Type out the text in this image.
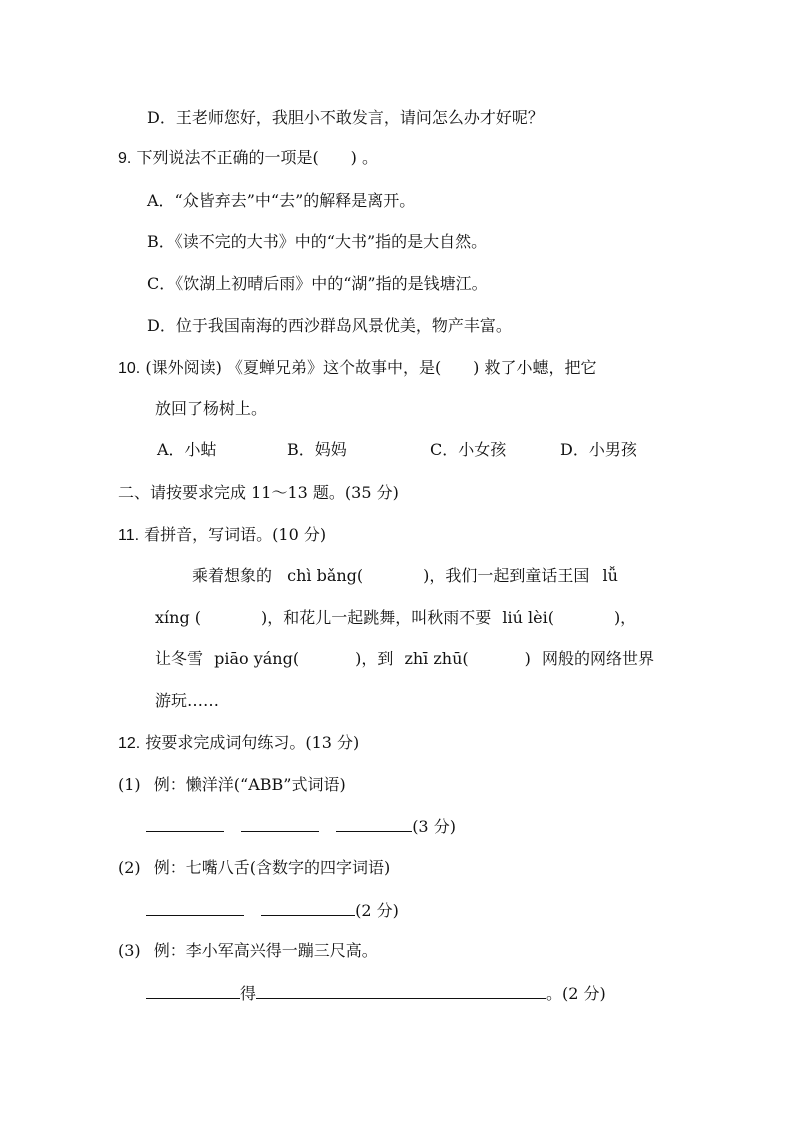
D．王老师您好，我胆小不敢发言，请问怎么办才好呢？
9. 下列说法不正确的一项是(　　) 。
A．“众皆弃去”中“去”的解释是离开。
B．《读不完的大书》中的“大书”指的是大自然。
C．《饮湖上初晴后雨》中的“湖”指的是钱塘江。
D．位于我国南海的西沙群岛风景优美，物产丰富。
10. (课外阅读) 《夏蝉兄弟》这个故事中，是(　　) 救了小蟪，把它
放回了杨树上。
A．小蛄	B．妈妈	C．小女孩	D．小男孩
二、请按要求完成 11～13 题。(35 分)
11. 看拼音，写词语。(10 分)
乘着想象的 chì bǎng(	)，我们一起到童话王国 lǚ
xíng (	)，和花儿一起跳舞，叫秋雨不要 liú lèi(	)，
让冬雪 piāo yáng(	)，到 zhī zhū(	) 网般的网络世界
游玩……
12. 按要求完成词句练习。(13 分)
(1) 例：懒洋洋(“ABB”式词语)
(3 分)
(2) 例：七嘴八舌(含数字的四字词语)
(2 分)
(3) 例：李小军高兴得一蹦三尺高。
得	。(2 分)
